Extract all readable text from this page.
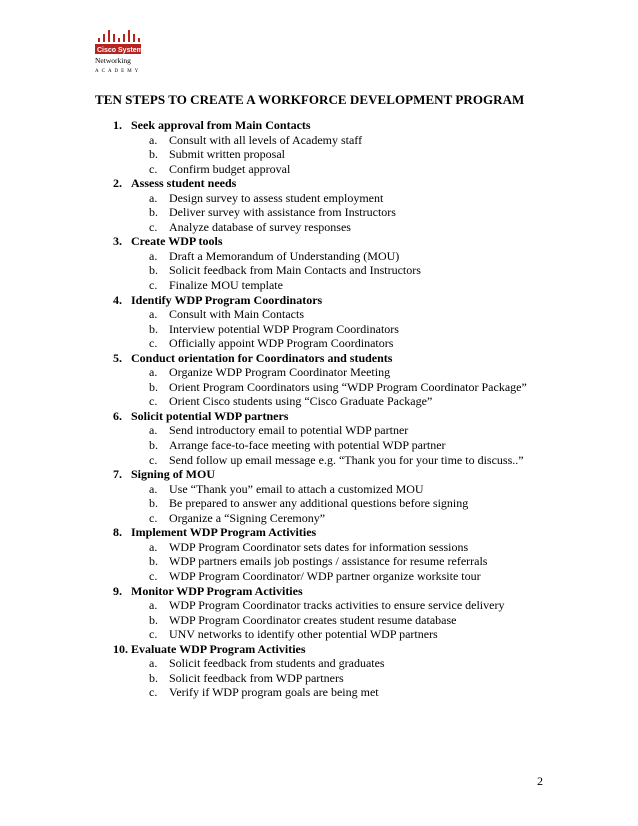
Cisco Systems
Networking
ACADEMY
TEN STEPS TO CREATE A WORKFORCE DEVELOPMENT PROGRAM
1. Seek approval from Main Contacts
a. Consult with all levels of Academy staff
b. Submit written proposal
c. Confirm budget approval
2. Assess student needs
a. Design survey to assess student employment
b. Deliver survey with assistance from Instructors
c. Analyze database of survey responses
3. Create WDP tools
a. Draft a Memorandum of Understanding (MOU)
b. Solicit feedback from Main Contacts and Instructors
c. Finalize MOU template
4. Identify WDP Program Coordinators
a. Consult with Main Contacts
b. Interview potential WDP Program Coordinators
c. Officially appoint WDP Program Coordinators
5. Conduct orientation for Coordinators and students
a. Organize WDP Program Coordinator Meeting
b. Orient Program Coordinators using “WDP Program Coordinator Package”
c. Orient Cisco students using “Cisco Graduate Package”
6. Solicit potential WDP partners
a. Send introductory email to potential WDP partner
b. Arrange face-to-face meeting with potential WDP partner
c. Send follow up email message e.g. “Thank you for your time to discuss..”
7. Signing of MOU
a. Use “Thank you” email to attach a customized MOU
b. Be prepared to answer any additional questions before signing
c. Organize a “Signing Ceremony”
8. Implement WDP Program Activities
a. WDP Program Coordinator sets dates for information sessions
b. WDP partners emails job postings / assistance for resume referrals
c. WDP Program Coordinator/ WDP partner organize worksite tour
9. Monitor WDP Program Activities
a. WDP Program Coordinator tracks activities to ensure service delivery
b. WDP Program Coordinator creates student resume database
c. UNV networks to identify other potential WDP partners
10. Evaluate WDP Program Activities
a. Solicit feedback from students and graduates
b. Solicit feedback from WDP partners
c. Verify if WDP program goals are being met
2
